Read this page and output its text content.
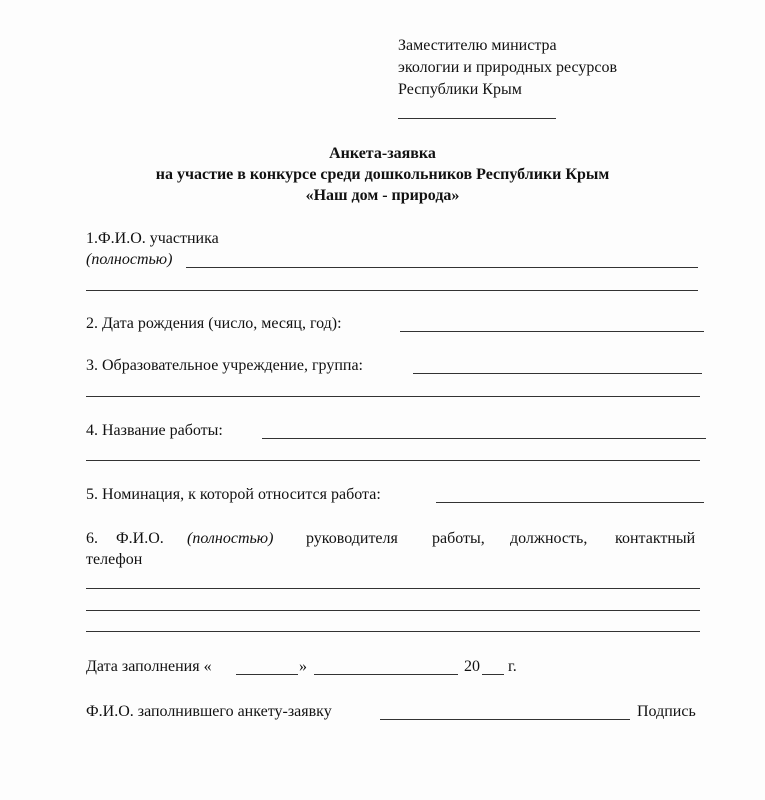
Заместителю министра
экологии и природных ресурсов
Республики Крым
Анкета-заявка
на участие в конкурсе среди дошкольников Республики Крым
«Наш дом - природа»
1.Ф.И.О. участника
(полностью)
2. Дата рождения (число, месяц, год):
3. Образовательное учреждение, группа:
4. Название работы:
5. Номинация, к которой относится работа:
6. Ф.И.О. (полностью) руководителя работы, должность, контактный
телефон
Дата заполнения «	»	20 г.
Ф.И.О. заполнившего анкету-заявку	Подпись
